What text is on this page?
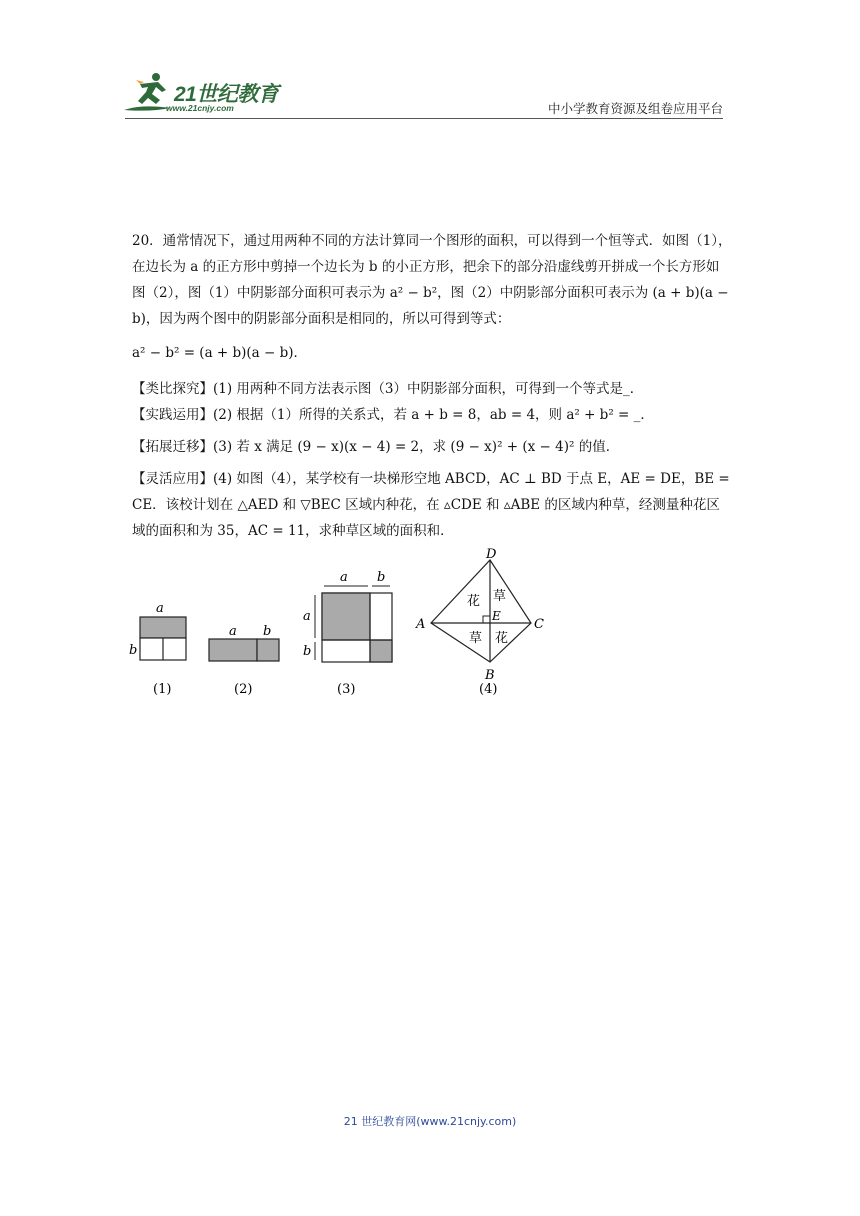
21世纪教育
www.21cnjy.com	中小学教育资源及组卷应用平台

20．通常情况下，通过用两种不同的方法计算同一个图形的面积，可以得到一个恒等式．如图（1），在边长为 a 的正方形中剪掉一个边长为 b 的小正方形，把余下的部分沿虚线剪开拼成一个长方形如图（2），图（1）中阴影部分面积可表示为 a² − b²，图（2）中阴影部分面积可表示为 (a + b)(a − b)，因为两个图中的阴影部分面积是相同的，所以可得到等式：

a² − b² = (a + b)(a − b)．

【类比探究】(1) 用两种不同方法表示图（3）中阴影部分面积，可得到一个等式是_．

【实践运用】(2) 根据（1）所得的关系式，若 a + b = 8，ab = 4，则 a² + b² = _．

【拓展迁移】(3) 若 x 满足 (9 − x)(x − 4) = 2，求 (9 − x)² + (x − 4)² 的值．

【灵活应用】(4) 如图（4），某学校有一块梯形空地 ABCD，AC ⊥ BD 于点 E，AE = DE，BE = CE．该校计划在 △AED 和 ▽BEC 区域内种花，在 ▵CDE 和 ▵ABE 的区域内种草，经测量种花区域的面积和为 35，AC = 11，求种草区域的面积和．

a
b
a b
a b
a
b
D
A	C
B
E
花 草
草 花
(1)	(2)	(3)	(4)
21 世纪教育网(www.21cnjy.com)
